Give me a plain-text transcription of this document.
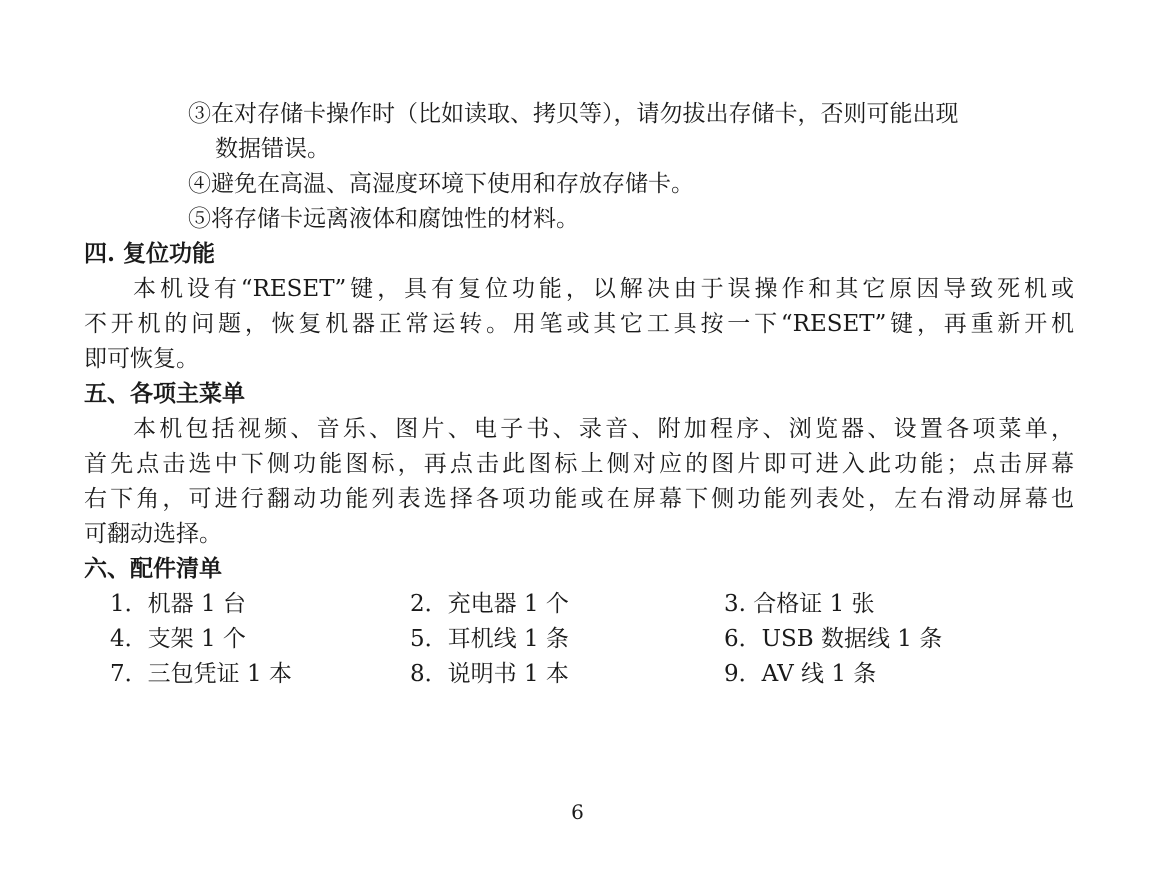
③在对存储卡操作时（比如读取、拷贝等），请勿拔出存储卡，否则可能出现
数据错误。
④避免在高温、高湿度环境下使用和存放存储卡。
⑤将存储卡远离液体和腐蚀性的材料。
四. 复位功能
本机设有“RESET”键，具有复位功能，以解决由于误操作和其它原因导致死机或
不开机的问题，恢复机器正常运转。用笔或其它工具按一下“RESET”键，再重新开机
即可恢复。
五、各项主菜单
本机包括视频、音乐、图片、电子书、录音、附加程序、浏览器、设置各项菜单，
首先点击选中下侧功能图标，再点击此图标上侧对应的图片即可进入此功能；点击屏幕
右下角，可进行翻动功能列表选择各项功能或在屏幕下侧功能列表处，左右滑动屏幕也
可翻动选择。
六、配件清单
1．机器 1 台	2．充电器 1 个	3. 合格证 1 张
4．支架 1 个	5．耳机线 1 条	6．USB 数据线 1 条
7．三包凭证 1 本	8．说明书 1 本	9．AV 线 1 条
6
